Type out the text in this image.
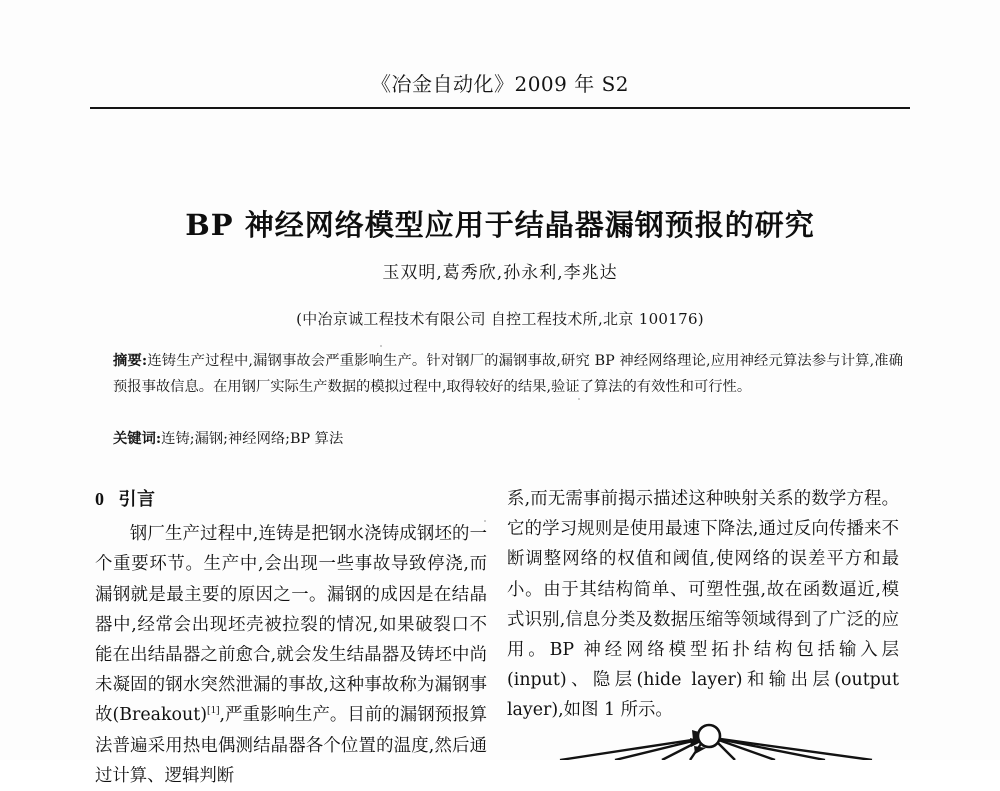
《冶金自动化》2009 年 S2
BP 神经网络模型应用于结晶器漏钢预报的研究
玉双明,葛秀欣,孙永利,李兆达
(中冶京诚工程技术有限公司 自控工程技术所,北京 100176)
摘要:连铸生产过程中,漏钢事故会严重影响生产。针对钢厂的漏钢事故,研究 BP 神经网络理论,应用神经元算法参与计算,准确预报事故信息。在用钢厂实际生产数据的模拟过程中,取得较好的结果,验证了算法的有效性和可行性。
关键词:连铸;漏钢;神经网络;BP 算法
0 引言

钢厂生产过程中,连铸是把钢水浇铸成钢坯的一个重要环节。生产中,会出现一些事故导致停浇,而漏钢就是最主要的原因之一。漏钢的成因是在结晶器中,经常会出现坯壳被拉裂的情况,如果破裂口不能在出结晶器之前愈合,就会发生结晶器及铸坯中尚未凝固的钢水突然泄漏的事故,这种事故称为漏钢事故(Breakout)[1],严重影响生产。目前的漏钢预报算法普遍采用热电偶测结晶器各个位置的温度,然后通过计算、逻辑判断

系,而无需事前揭示描述这种映射关系的数学方程。它的学习规则是使用最速下降法,通过反向传播来不断调整网络的权值和阈值,使网络的误差平方和最小。由于其结构简单、可塑性强,故在函数逼近,模式识别,信息分类及数据压缩等领域得到了广泛的应用。BP 神经网络模型拓扑结构包括输入层(input)、隐层(hide layer)和输出层(output layer),如图 1 所示。
